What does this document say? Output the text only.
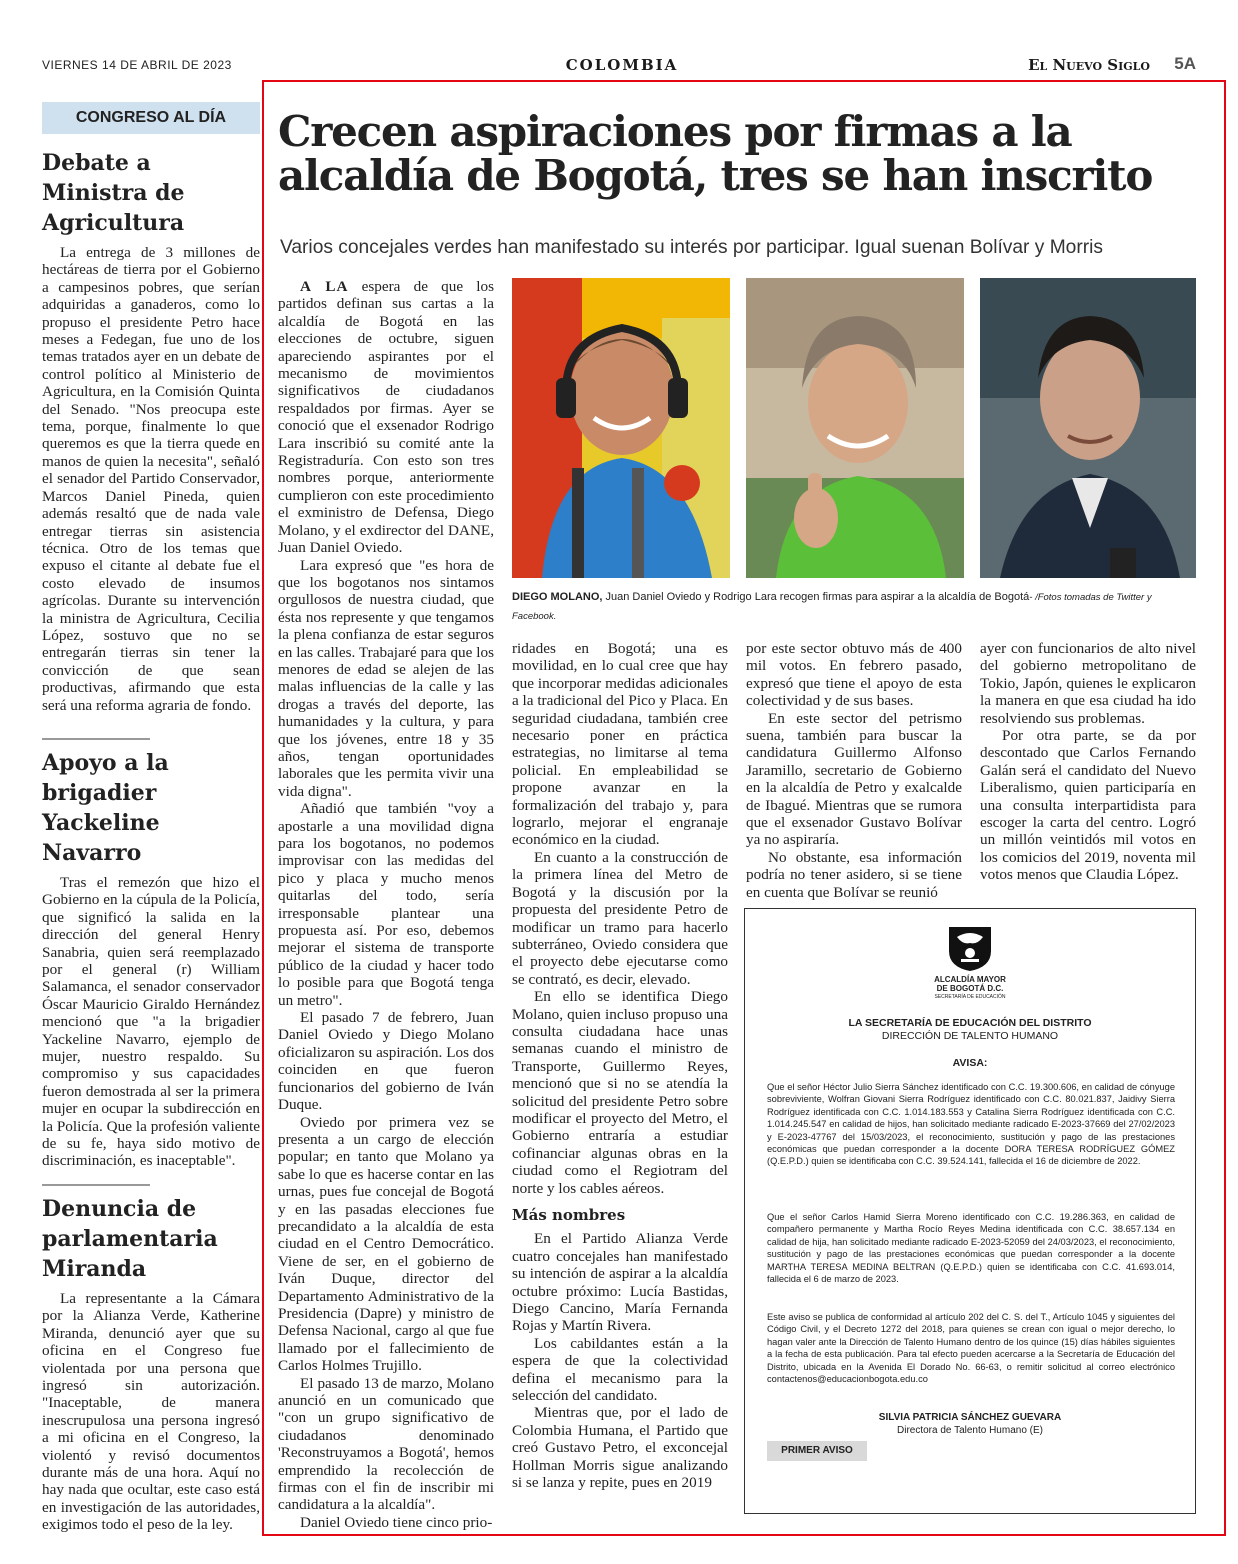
VIERNES 14 DE ABRIL DE 2023	COLOMBIA	El Nuevo Siglo 5A
CONGRESO AL DÍA
Debate a Ministra de Agricultura
La entrega de 3 millones de hectáreas de tierra por el Gobierno a campesinos pobres, que serían adquiridas a ganaderos, como lo propuso el presidente Petro hace meses a Fedegan, fue uno de los temas tratados ayer en un debate de control político al Ministerio de Agricultura, en la Comisión Quinta del Senado. "Nos preocupa este tema, porque, finalmente lo que queremos es que la tierra quede en manos de quien la necesita", señaló el senador del Partido Conservador, Marcos Daniel Pineda, quien además resaltó que de nada vale entregar tierras sin asistencia técnica. Otro de los temas que expuso el citante al debate fue el costo elevado de insumos agrícolas. Durante su intervención la ministra de Agricultura, Cecilia López, sostuvo que no se entregarán tierras sin tener la convicción de que sean productivas, afirmando que esta será una reforma agraria de fondo.
Apoyo a la brigadier Yackeline Navarro
Tras el remezón que hizo el Gobierno en la cúpula de la Policía, que significó la salida en la dirección del general Henry Sanabria, quien será reemplazado por el general (r) William Salamanca, el senador conservador Óscar Mauricio Giraldo Hernández mencionó que "a la brigadier Yackeline Navarro, ejemplo de mujer, nuestro respaldo. Su compromiso y sus capacidades fueron demostrada al ser la primera mujer en ocupar la subdirección en la Policía. Que la profesión valiente de su fe, haya sido motivo de discriminación, es inaceptable".
Denuncia de parlamentaria Miranda
La representante a la Cámara por la Alianza Verde, Katherine Miranda, denunció ayer que su oficina en el Congreso fue violentada por una persona que ingresó sin autorización. "Inaceptable, de manera inescrupulosa una persona ingresó a mi oficina en el Congreso, la violentó y revisó documentos durante más de una hora. Aquí no hay nada que ocultar, este caso está en investigación de las autoridades, exigimos todo el peso de la ley.
Crecen aspiraciones por firmas a la alcaldía de Bogotá, tres se han inscrito
Varios concejales verdes han manifestado su interés por participar. Igual suenan Bolívar y Morris

A LA espera de que los partidos definan sus cartas a la alcaldía de Bogotá en las elecciones de octubre, siguen apareciendo aspirantes por el mecanismo de movimientos significativos de ciudadanos respaldados por firmas. Ayer se conoció que el exsenador Rodrigo Lara inscribió su comité ante la Registraduría. Con esto son tres nombres porque, anteriormente cumplieron con este procedimiento el exministro de Defensa, Diego Molano, y el exdirector del DANE, Juan Daniel Oviedo.

Lara expresó que "es hora de que los bogotanos nos sintamos orgullosos de nuestra ciudad, que ésta nos represente y que tengamos la plena confianza de estar seguros en las calles. Trabajaré para que los menores de edad se alejen de las malas influencias de la calle y las drogas a través del deporte, las humanidades y la cultura, y para que los jóvenes, entre 18 y 35 años, tengan oportunidades laborales que les permita vivir una vida digna".

Añadió que también "voy a apostarle a una movilidad digna para los bogotanos, no podemos improvisar con las medidas del pico y placa y mucho menos quitarlas del todo, sería irresponsable plantear una propuesta así. Por eso, debemos mejorar el sistema de transporte público de la ciudad y hacer todo lo posible para que Bogotá tenga un metro".

El pasado 7 de febrero, Juan Daniel Oviedo y Diego Molano oficializaron su aspiración. Los dos coinciden en que fueron funcionarios del gobierno de Iván Duque.

Oviedo por primera vez se presenta a un cargo de elección popular; en tanto que Molano ya sabe lo que es hacerse contar en las urnas, pues fue concejal de Bogotá y en las pasadas elecciones fue precandidato a la alcaldía de esta ciudad en el Centro Democrático. Viene de ser, en el gobierno de Iván Duque, director del Departamento Administrativo de la Presidencia (Dapre) y ministro de Defensa Nacional, cargo al que fue llamado por el fallecimiento de Carlos Holmes Trujillo.

El pasado 13 de marzo, Molano anunció en un comunicado que "con un grupo significativo de ciudadanos denominado 'Reconstruyamos a Bogotá', hemos emprendido la recolección de firmas con el fin de inscribir mi candidatura a la alcaldía".

Daniel Oviedo tiene cinco prio-

DIEGO MOLANO, Juan Daniel Oviedo y Rodrigo Lara recogen firmas para aspirar a la alcaldía de Bogotá- /Fotos tomadas de Twitter y Facebook.

ridades en Bogotá; una es movilidad, en lo cual cree que hay que incorporar medidas adicionales a la tradicional del Pico y Placa. En seguridad ciudadana, también cree necesario poner en práctica estrategias, no limitarse al tema policial. En empleabilidad se propone avanzar en la formalización del trabajo y, para lograrlo, mejorar el engranaje económico en la ciudad.

En cuanto a la construcción de la primera línea del Metro de Bogotá y la discusión por la propuesta del presidente Petro de modificar un tramo para hacerlo subterráneo, Oviedo considera que el proyecto debe ejecutarse como se contrató, es decir, elevado.

En ello se identifica Diego Molano, quien incluso propuso una consulta ciudadana hace unas semanas cuando el ministro de Transporte, Guillermo Reyes, mencionó que si no se atendía la solicitud del presidente Petro sobre modificar el proyecto del Metro, el Gobierno entraría a estudiar cofinanciar algunas obras en la ciudad como el Regiotram del norte y los cables aéreos.

Más nombres

En el Partido Alianza Verde cuatro concejales han manifestado su intención de aspirar a la alcaldía octubre próximo: Lucía Bastidas, Diego Cancino, María Fernanda Rojas y Martín Rivera.

Los cabildantes están a la espera de que la colectividad defina el mecanismo para la selección del candidato.

Mientras que, por el lado de Colombia Humana, el Partido que creó Gustavo Petro, el exconcejal Hollman Morris sigue analizando si se lanza y repite, pues en 2019

por este sector obtuvo más de 400 mil votos. En febrero pasado, expresó que tiene el apoyo de esta colectividad y de sus bases.

En este sector del petrismo suena, también para buscar la candidatura Guillermo Alfonso Jaramillo, secretario de Gobierno en la alcaldía de Petro y exalcalde de Ibagué. Mientras que se rumora que el exsenador Gustavo Bolívar ya no aspiraría.

No obstante, esa información podría no tener asidero, si se tiene en cuenta que Bolívar se reunió

ayer con funcionarios de alto nivel del gobierno metropolitano de Tokio, Japón, quienes le explicaron la manera en que esa ciudad ha ido resolviendo sus problemas.

Por otra parte, se da por descontado que Carlos Fernando Galán será el candidato del Nuevo Liberalismo, quien participaría en una consulta interpartidista para escoger la carta del centro. Logró un millón veintidós mil votos en los comicios del 2019, noventa mil votos menos que Claudia López.

ALCALDÍA MAYOR
DE BOGOTÁ D.C.
SECRETARÍA DE EDUCACIÓN
LA SECRETARÍA DE EDUCACIÓN DEL DISTRITO
DIRECCIÓN DE TALENTO HUMANO
AVISA:
Que el señor Héctor Julio Sierra Sánchez identificado con C.C. 19.300.606, en calidad de cónyuge sobreviviente, Wolfran Giovani Sierra Rodríguez identificado con C.C. 80.021.837, Jaidivy Sierra Rodríguez identificada con C.C. 1.014.183.553 y Catalina Sierra Rodríguez identificada con C.C. 1.014.245.547 en calidad de hijos, han solicitado mediante radicado E-2023-37669 del 27/02/2023 y E-2023-47767 del 15/03/2023, el reconocimiento, sustitución y pago de las prestaciones económicas que puedan corresponder a la docente DORA TERESA RODRÍGUEZ GÓMEZ (Q.E.P.D.) quien se identificaba con C.C. 39.524.141, fallecida el 16 de diciembre de 2022.
Que el señor Carlos Hamid Sierra Moreno identificado con C.C. 19.286.363, en calidad de compañero permanente y Martha Rocío Reyes Medina identificada con C.C. 38.657.134 en calidad de hija, han solicitado mediante radicado E-2023-52059 del 24/03/2023, el reconocimiento, sustitución y pago de las prestaciones económicas que puedan corresponder a la docente MARTHA TERESA MEDINA BELTRAN (Q.E.P.D.) quien se identificaba con C.C. 41.693.014, fallecida el 6 de marzo de 2023.
Este aviso se publica de conformidad al artículo 202 del C. S. del T., Artículo 1045 y siguientes del Código Civil, y el Decreto 1272 del 2018, para quienes se crean con igual o mejor derecho, lo hagan valer ante la Dirección de Talento Humano dentro de los quince (15) días hábiles siguientes a la fecha de esta publicación. Para tal efecto pueden acercarse a la Secretaría de Educación del Distrito, ubicada en la Avenida El Dorado No. 66-63, o remitir solicitud al correo electrónico contactenos@educacionbogota.edu.co
SILVIA PATRICIA SÁNCHEZ GUEVARA
Directora de Talento Humano (E)
PRIMER AVISO
